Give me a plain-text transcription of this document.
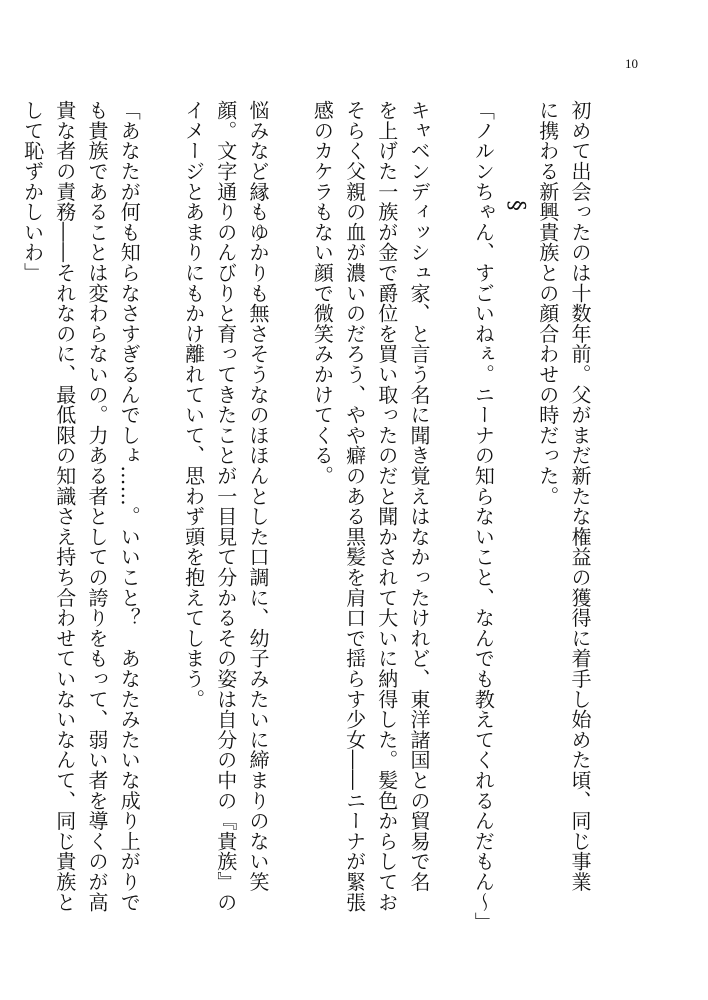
10
初めて出会ったのは十数年前。父がまだ新たな権益の獲得に着手し始めた頃、同じ事業
に携わる新興貴族との顔合わせの時だった。
§
「ノルンちゃん、すごいねぇ。ニーナの知らないこと、なんでも教えてくれるんだもん～」
キャベンディッシュ家、と言う名に聞き覚えはなかったけれど、東洋諸国との貿易で名
を上げた一族が金で爵位を買い取ったのだと聞かされて大いに納得した。髪色からしてお
そらく父親の血が濃いのだろう、やや癖のある黒髪を肩口で揺らす少女――ニーナが緊張
感のカケラもない顔で微笑みかけてくる。
悩みなど縁もゆかりも無さそうなのほほんとした口調に、幼子みたいに締まりのない笑
顔。文字通りのんびりと育ってきたことが一目見て分かるその姿は自分の中の『貴族』の
イメージとあまりにもかけ離れていて、思わず頭を抱えてしまう。
「あなたが何も知らなさすぎるんでしょ……。いいこと？　あなたみたいな成り上がりで
も貴族であることは変わらないの。力ある者としての誇りをもって、弱い者を導くのが高
貴な者の責務――それなのに、最低限の知識さえ持ち合わせていないなんて、同じ貴族と
して恥ずかしいわ」
